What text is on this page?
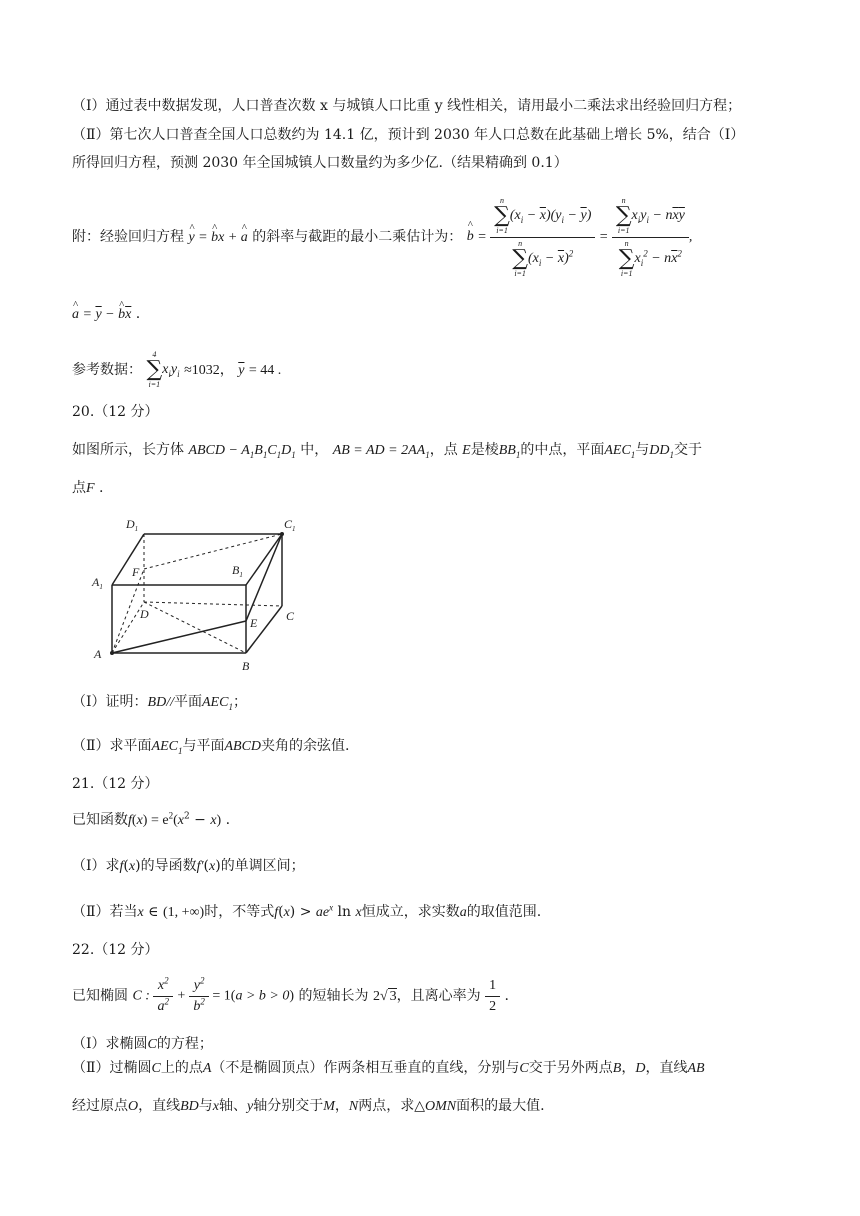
（Ⅰ）通过表中数据发现，人口普查次数 x 与城镇人口比重 y 线性相关，请用最小二乘法求出经验回归方程；
（Ⅱ）第七次人口普查全国人口总数约为 14.1 亿，预计到 2030 年人口总数在此基础上增长 5%，结合（Ⅰ）
所得回归方程，预测 2030 年全国城镇人口数量约为多少亿.（结果精确到 0.1）
附：经验回归方程 ^ y = ^ bx + ^ a 的斜率与截距的最小二乘估计为： ^ b = n
∑
i=1
$(x_i - \overline{x})(y_i - \overline{y})$
n
∑
i=1
$(x_i - \overline{x})^2 = n$
∑
i=1
$x_iy_i - n\overline{x}\overline{y}$
n
∑
i=1
$x_i^2 - n\overline{x}^2$ ,
^ $a = \overline{y}$ − ^ $b\overline{x}$ .
参考数据：
4
∑
i=1
$x_iy_i \approx 1032$， $\overline{y} = 44$ .
20.（12 分）
如图所示，长方体 ABCD − $A_1B_1C_1D_1$ 中， AB = AD = $2AA_1$，点 E是棱$BB_1$的中点，平面$AEC_1$与$DD_1$交于
点F .
$D_1$	$C_1$
$A_1$
F	$B_1$
D
E C
A
B
（Ⅰ）证明：BD//平面$AEC_1$；
（Ⅱ）求平面$AEC_1$与平面ABCD夹角的余弦值.
21.（12 分）
已知函数$f(x) = e^2(x^2 - x)$ .
（Ⅰ）求f(x)的导函数f′(x)的单调区间；
（Ⅱ）若当x ∈ (1, +∞)时，不等式$f(x) > ae^x$ ln x恒成立，求实数a的取值范围.
22.（12 分）
已知椭圆 C : $\frac{x^2}{a^2} + \frac{y^2}{b^2} = 1(a > b > 0)$ 的短轴长为 2√ 3，且离心率为 $\frac{1}{2}$ .
（Ⅰ）求椭圆C的方程；
（Ⅱ）过椭圆C上的点A（不是椭圆顶点）作两条相互垂直的直线，分别与C交于另外两点B，D，直线AB
经过原点O，直线BD与x轴、y轴分别交于M，N两点，求△OMN面积的最大值.
